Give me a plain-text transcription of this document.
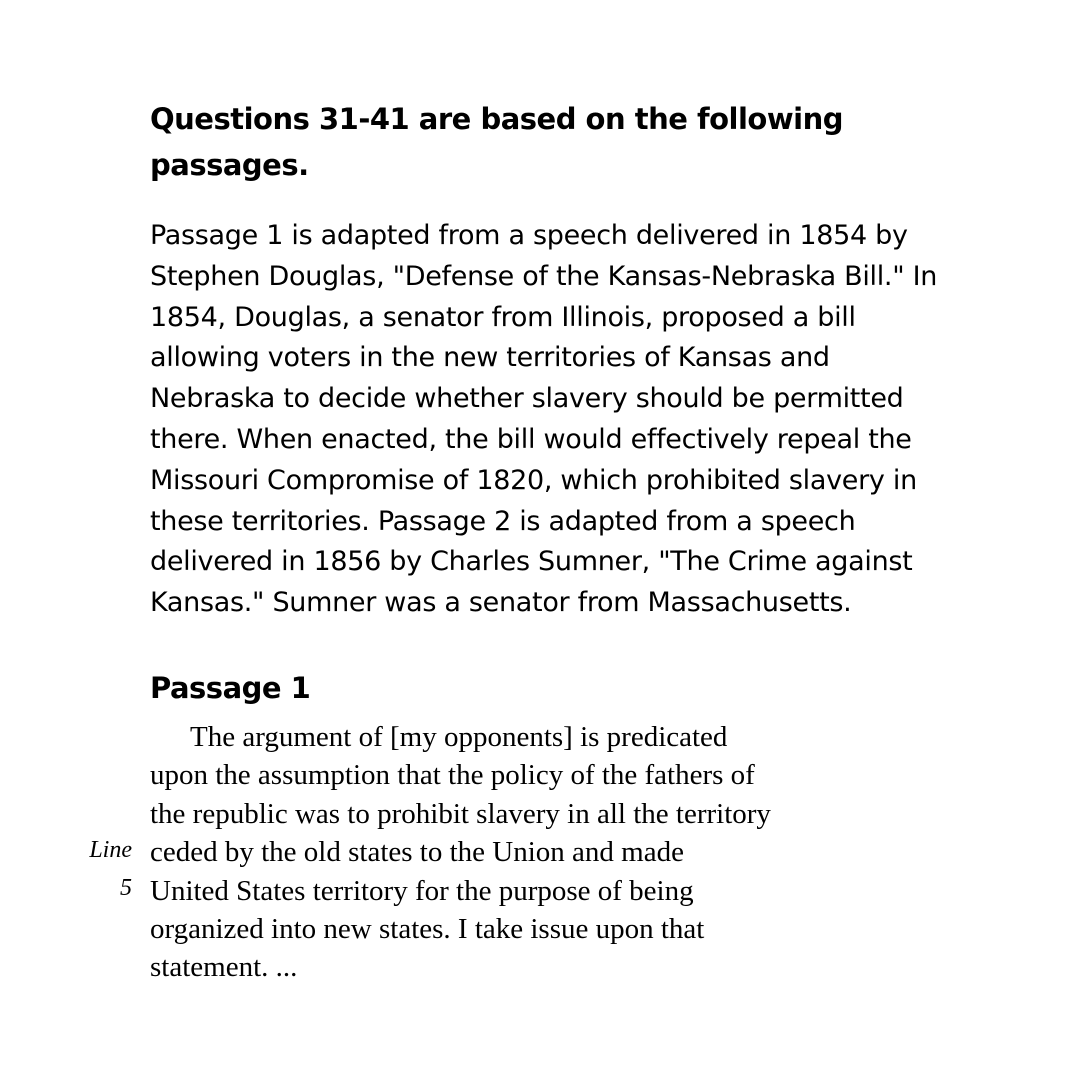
Questions 31-41 are based on the following
passages.

Passage 1 is adapted from a speech delivered in 1854 by
Stephen Douglas, "Defense of the Kansas-Nebraska Bill." In
1854, Douglas, a senator from Illinois, proposed a bill
allowing voters in the new territories of Kansas and
Nebraska to decide whether slavery should be permitted
there. When enacted, the bill would effectively repeal the
Missouri Compromise of 1820, which prohibited slavery in
these territories. Passage 2 is adapted from a speech
delivered in 1856 by Charles Sumner, "The Crime against
Kansas." Sumner was a senator from Massachusetts.

Passage 1

The argument of [my opponents] is predicated
upon the assumption that the policy of the fathers of
the republic was to prohibit slavery in all the territory
ceded by the old states to the Union and made
United States territory for the purpose of being
organized into new states. I take issue upon that
statement. ...

Line
5
